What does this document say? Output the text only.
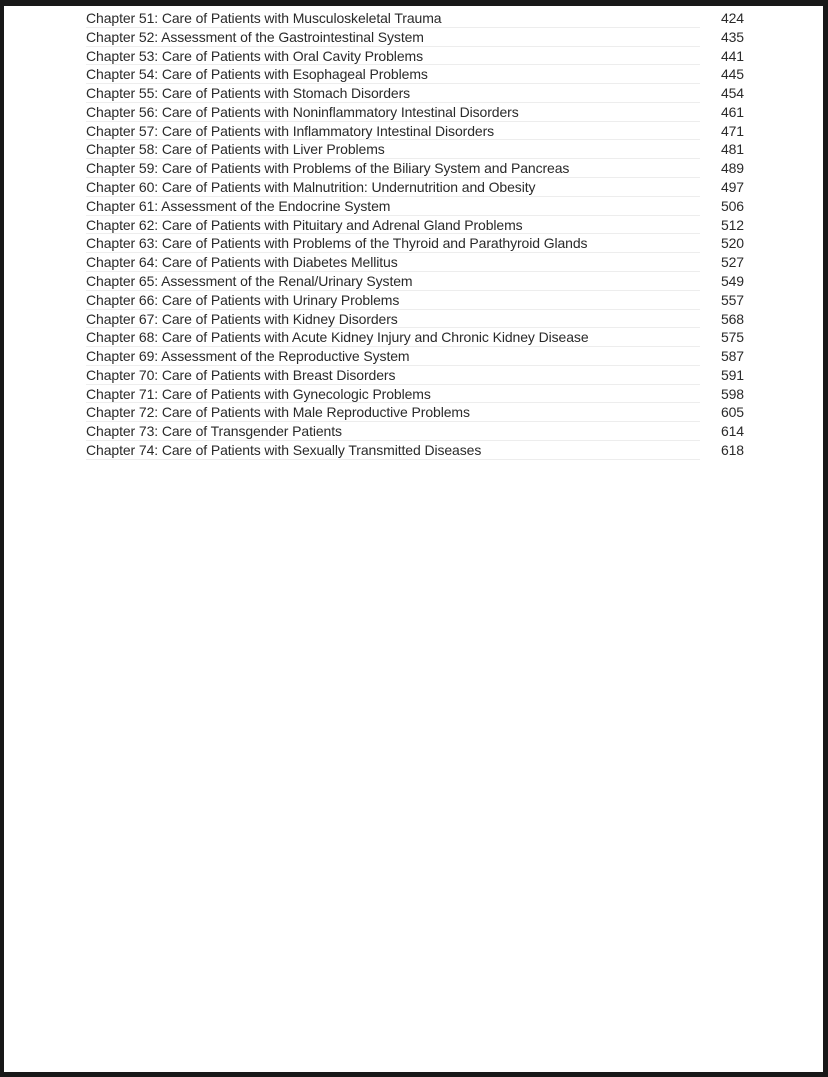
Chapter 51: Care of Patients with Musculoskeletal Trauma	424
Chapter 52: Assessment of the Gastrointestinal System	435
Chapter 53: Care of Patients with Oral Cavity Problems	441
Chapter 54: Care of Patients with Esophageal Problems	445
Chapter 55: Care of Patients with Stomach Disorders	454
Chapter 56: Care of Patients with Noninflammatory Intestinal Disorders	461
Chapter 57: Care of Patients with Inflammatory Intestinal Disorders	471
Chapter 58: Care of Patients with Liver Problems	481
Chapter 59: Care of Patients with Problems of the Biliary System and Pancreas	489
Chapter 60: Care of Patients with Malnutrition: Undernutrition and Obesity	497
Chapter 61: Assessment of the Endocrine System	506
Chapter 62: Care of Patients with Pituitary and Adrenal Gland Problems	512
Chapter 63: Care of Patients with Problems of the Thyroid and Parathyroid Glands	520
Chapter 64: Care of Patients with Diabetes Mellitus	527
Chapter 65: Assessment of the Renal/Urinary System	549
Chapter 66: Care of Patients with Urinary Problems	557
Chapter 67: Care of Patients with Kidney Disorders	568
Chapter 68: Care of Patients with Acute Kidney Injury and Chronic Kidney Disease	575
Chapter 69: Assessment of the Reproductive System	587
Chapter 70: Care of Patients with Breast Disorders	591
Chapter 71: Care of Patients with Gynecologic Problems	598
Chapter 72: Care of Patients with Male Reproductive Problems	605
Chapter 73: Care of Transgender Patients	614
Chapter 74: Care of Patients with Sexually Transmitted Diseases	618
